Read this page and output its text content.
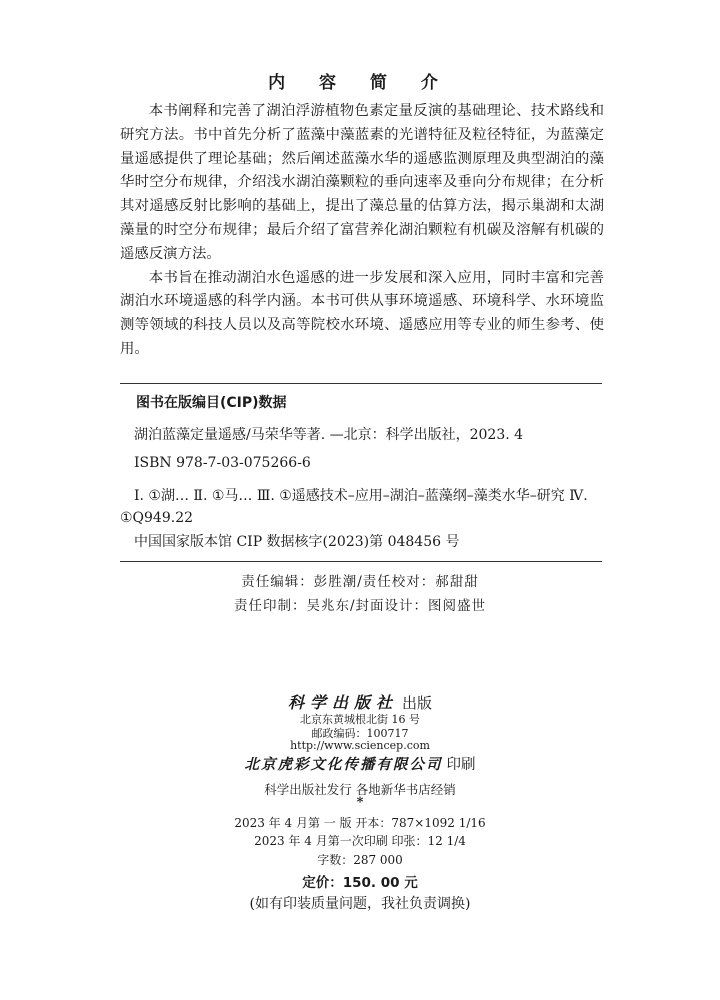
内 容 简 介

本书阐释和完善了湖泊浮游植物色素定量反演的基础理论、技术路线和研究方法。书中首先分析了蓝藻中藻蓝素的光谱特征及粒径特征，为蓝藻定量遥感提供了理论基础；然后阐述蓝藻水华的遥感监测原理及典型湖泊的藻华时空分布规律，介绍浅水湖泊藻颗粒的垂向速率及垂向分布规律；在分析其对遥感反射比影响的基础上，提出了藻总量的估算方法，揭示巢湖和太湖藻量的时空分布规律；最后介绍了富营养化湖泊颗粒有机碳及溶解有机碳的遥感反演方法。

本书旨在推动湖泊水色遥感的进一步发展和深入应用，同时丰富和完善湖泊水环境遥感的科学内涵。本书可供从事环境遥感、环境科学、水环境监测等领域的科技人员以及高等院校水环境、遥感应用等专业的师生参考、使用。

图书在版编目(CIP)数据
湖泊蓝藻定量遥感/马荣华等著. —北京：科学出版社，2023. 4
ISBN 978-7-03-075266-6
Ⅰ. ①湖… Ⅱ. ①马… Ⅲ. ①遥感技术–应用–湖泊–蓝藻纲–藻类水华–研究 Ⅳ. ①Q949.22
中国国家版本馆 CIP 数据核字(2023)第 048456 号
责任编辑：彭胜潮/责任校对：郝甜甜
责任印制：吴兆东/封面设计：图阅盛世
科学出版社 出版
北京东黄城根北街 16 号
邮政编码：100717
http://www.sciencep.com
北京虎彩文化传播有限公司 印刷
科学出版社发行 各地新华书店经销
*
2023 年 4 月第 一 版 开本：787×1092 1/16
2023 年 4 月第一次印刷 印张：12 1/4
字数：287 000
定价：150. 00 元
(如有印装质量问题，我社负责调换)
